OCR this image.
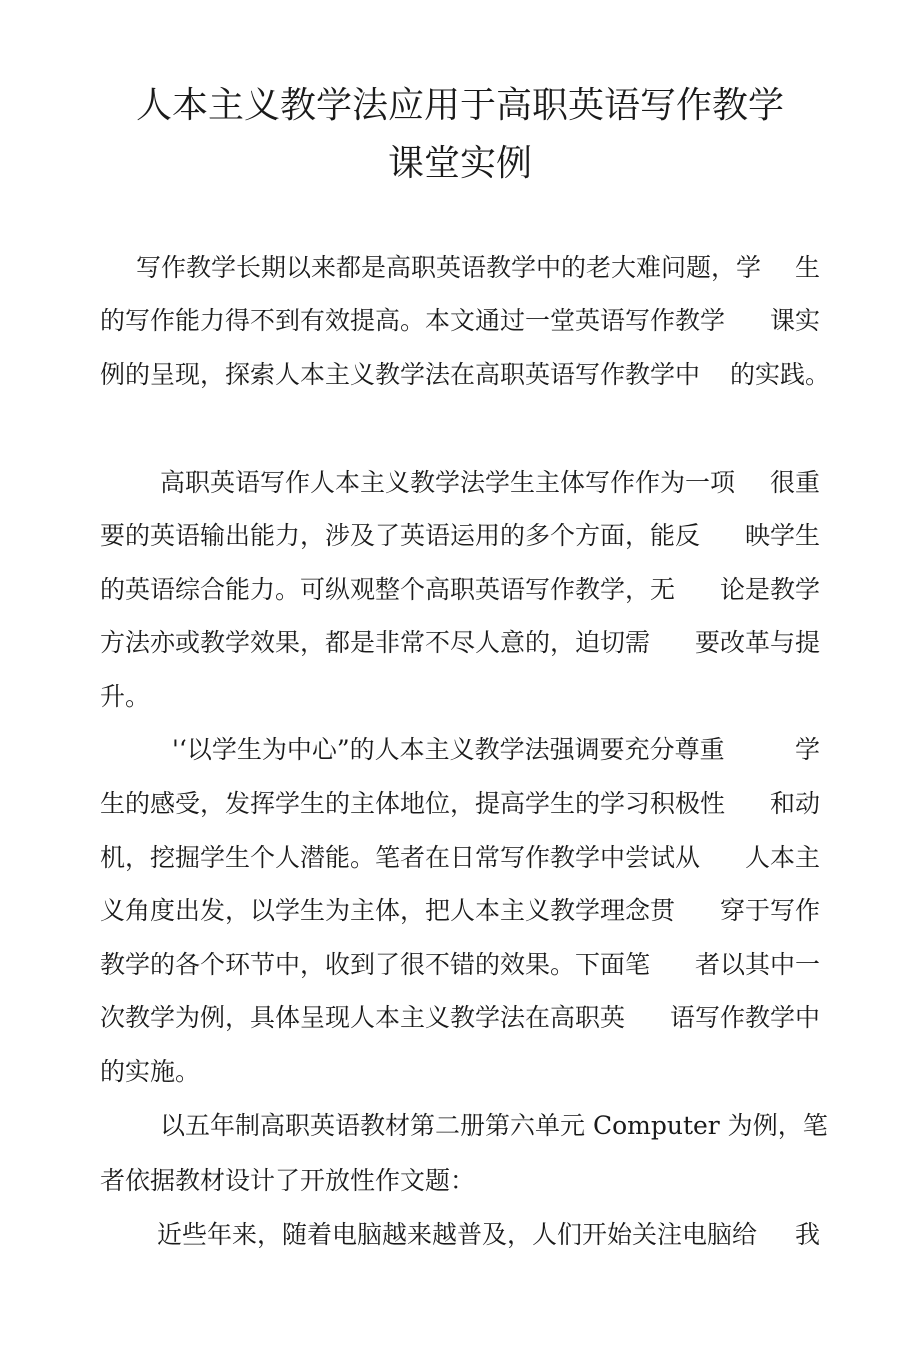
人本主义教学法应用于高职英语写作教学
课堂实例
写作教学长期以来都是高职英语教学中的老大难问题，学 生
的写作能力得不到有效提高。本文通过一堂英语写作教学 课实
例的呈现，探索人本主义教学法在高职英语写作教学中 的实践。
高职英语写作人本主义教学法学生主体写作作为一项 很重
要的英语输出能力，涉及了英语运用的多个方面，能反 映学生
的英语综合能力。可纵观整个高职英语写作教学，无 论是教学
方法亦或教学效果，都是非常不尽人意的，迫切需 要改革与提
升。
'‘以学生为中心”的人本主义教学法强调要充分尊重	学
生的感受，发挥学生的主体地位，提高学生的学习积极性 和动
机，挖掘学生个人潜能。笔者在日常写作教学中尝试从 人本主
义角度出发，以学生为主体，把人本主义教学理念贯 穿于写作
教学的各个环节中，收到了很不错的效果。下面笔 者以其中一
次教学为例，具体呈现人本主义教学法在高职英 语写作教学中
的实施。
以五年制高职英语教材第二册第六单元 Computer 为 例，笔
者依据教材设计了开放性作文题：
近些年来，随着电脑越来越普及，人们开始关注电脑给 我
